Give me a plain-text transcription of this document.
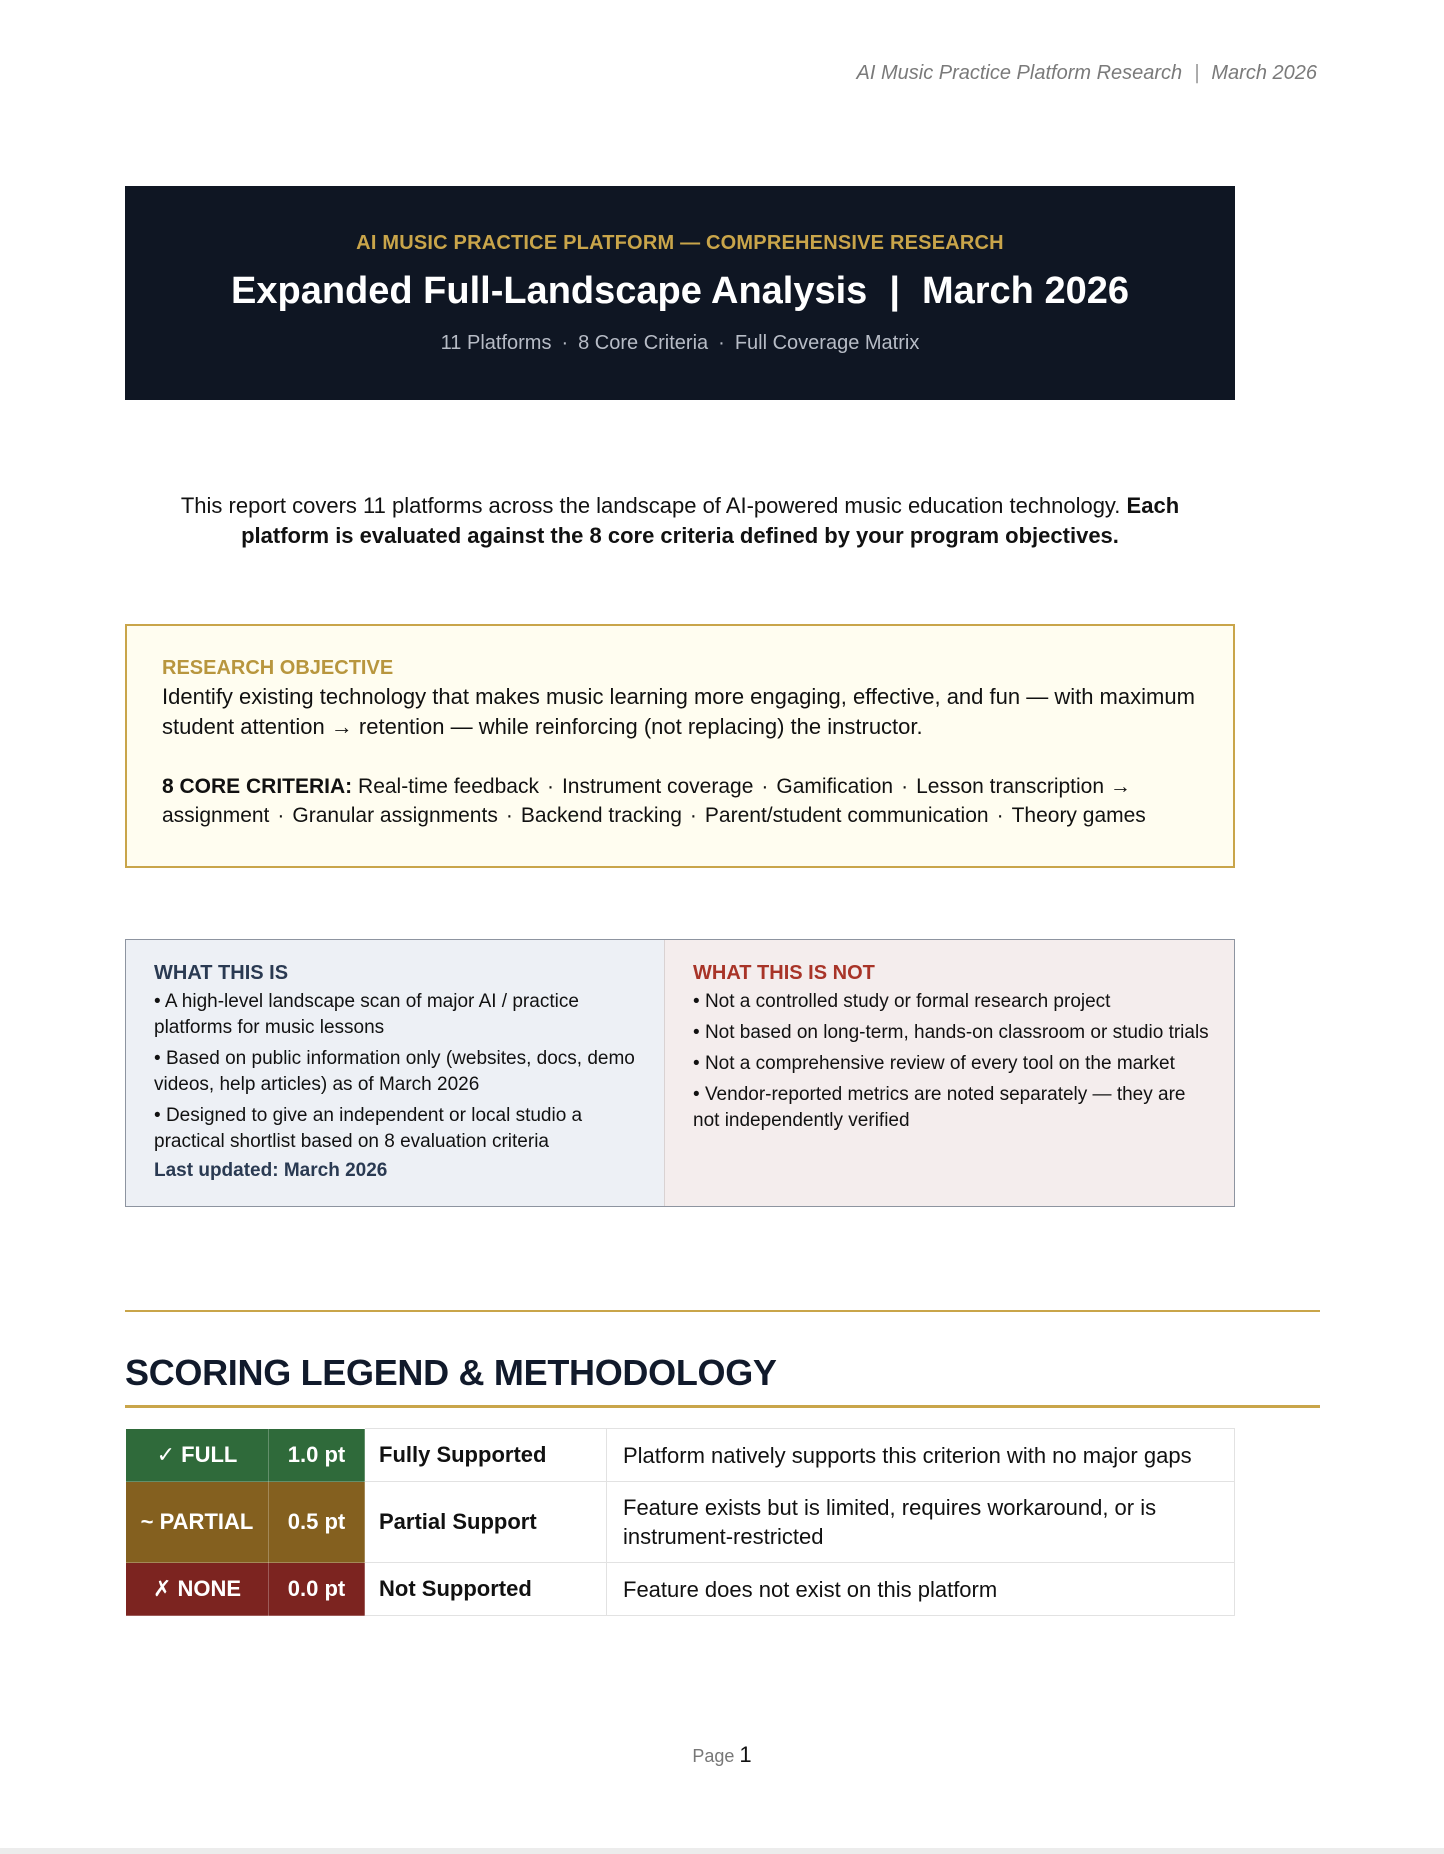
AI Music Practice Platform Research | March 2026
AI MUSIC PRACTICE PLATFORM — COMPREHENSIVE RESEARCH
Expanded Full-Landscape Analysis | March 2026
11 Platforms · 8 Core Criteria · Full Coverage Matrix
This report covers 11 platforms across the landscape of AI-powered music education technology. Each platform is evaluated against the 8 core criteria defined by your program objectives.
RESEARCH OBJECTIVE
Identify existing technology that makes music learning more engaging, effective, and fun — with maximum student attention → retention — while reinforcing (not replacing) the instructor.
8 CORE CRITERIA: Real-time feedback · Instrument coverage · Gamification · Lesson transcription → assignment · Granular assignments · Backend tracking · Parent/student communication · Theory games
WHAT THIS IS
• A high-level landscape scan of major AI / practice platforms for music lessons
• Based on public information only (websites, docs, demo videos, help articles) as of March 2026
• Designed to give an independent or local studio a practical shortlist based on 8 evaluation criteria
Last updated: March 2026
WHAT THIS IS NOT
• Not a controlled study or formal research project
• Not based on long-term, hands-on classroom or studio trials
• Not a comprehensive review of every tool on the market
• Vendor-reported metrics are noted separately — they are not independently verified
SCORING LEGEND & METHODOLOGY
✓ FULL	1.0 pt	Fully Supported	Platform natively supports this criterion with no major gaps
~ PARTIAL	0.5 pt	Partial Support	Feature exists but is limited, requires workaround, or is instrument-restricted
✗ NONE	0.0 pt	Not Supported	Feature does not exist on this platform
Page 1
